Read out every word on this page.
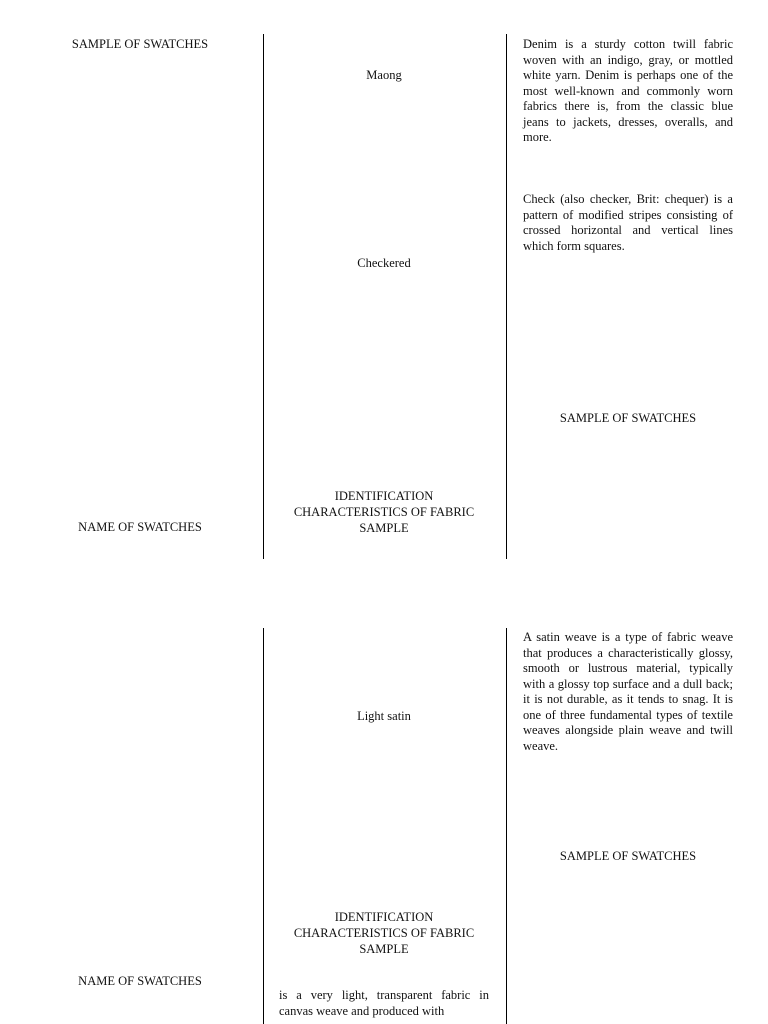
SAMPLE OF SWATCHES
Maong
Checkered
IDENTIFICATION CHARACTERISTICS OF FABRIC SAMPLE
Denim is a sturdy cotton twill fabric woven with an indigo, gray, or mottled white yarn. Denim is perhaps one of the most well-known and commonly worn fabrics there is, from the classic blue jeans to jackets, dresses, overalls, and more.
Check (also checker, Brit: chequer) is a pattern of modified stripes consisting of crossed horizontal and vertical lines which form squares.
SAMPLE OF SWATCHES
NAME OF SWATCHES
Light satin
IDENTIFICATION CHARACTERISTICS OF FABRIC SAMPLE
is a very light, transparent fabric in canvas weave and produced with
A satin weave is a type of fabric weave that produces a characteristically glossy, smooth or lustrous material, typically with a glossy top surface and a dull back; it is not durable, as it tends to snag. It is one of three fundamental types of textile weaves alongside plain weave and twill weave.
SAMPLE OF SWATCHES
NAME OF SWATCHES
